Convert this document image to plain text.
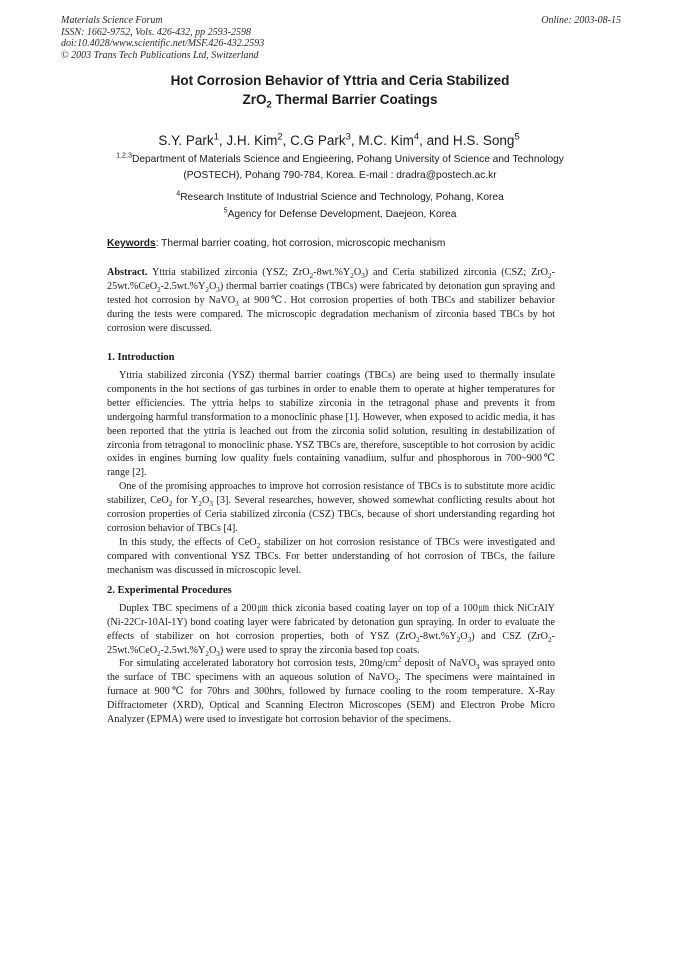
Materials Science Forum
ISSN: 1662-9752, Vols. 426-432, pp 2593-2598
doi:10.4028/www.scientific.net/MSF.426-432.2593
© 2003 Trans Tech Publications Ltd, Switzerland
Online: 2003-08-15
Hot Corrosion Behavior of Yttria and Ceria Stabilized
ZrO$_2$ Thermal Barrier Coatings
S.Y. Park$^1$, J.H. Kim$^2$, C.G Park$^3$, M.C. Kim$^4$, and H.S. Song$^5$
$^{1,2,3}$Department of Materials Science and Engieering, Pohang University of Science and Technology
(POSTECH), Pohang 790-784, Korea. E-mail : dradra@postech.ac.kr
$^4$Research Institute of Industrial Science and Technology, Pohang, Korea
$^5$Agency for Defense Development, Daejeon, Korea
Keywords: Thermal barrier coating, hot corrosion, microscopic mechanism
Abstract. Yttria stabilized zirconia (YSZ; $ZrO_2-8wt.\%Y_2O_3$) and Ceria stabilized zirconia (CSZ; $ZrO_2-25wt.\%CeO_2-2.5wt.\%Y_2O_3$) thermal barrier coatings (TBCs) were fabricated by detonation gun spraying and tested hot corrosion by NaVO$_3$ at 900℃. Hot corrosion properties of both TBCs and stabilizer behavior during the tests were compared. The microscopic degradation mechanism of zirconia based TBCs by hot corrosion were discussed.
1. Introduction
Yttria stabilized zirconia (YSZ) thermal barrier coatings (TBCs) are being used to thermally insulate components in the hot sections of gas turbines in order to enable them to operate at higher temperatures for better efficiencies. The yttria helps to stabilize zirconia in the tetragonal phase and prevents it from undergoing harmful transformation to a monoclinic phase [1]. However, when exposed to acidic media, it has been reported that the yttria is leached out from the zirconia solid solution, resulting in destabilization of zirconia from tetragonal to monoclinic phase. YSZ TBCs are, therefore, susceptible to hot corrosion by acidic oxides in engines burning low quality fuels containing vanadium, sulfur and phosphorous in 700~900℃ range [2].
One of the promising approaches to improve hot corrosion resistance of TBCs is to substitute more acidic stabilizer, CeO$_2$ for $Y_2O_3$ [3]. Several researches, however, showed somewhat conflicting results about hot corrosion properties of Ceria stabilized zirconia (CSZ) TBCs, because of short understanding regarding hot corrosion behavior of TBCs [4].
In this study, the effects of CeO$_2$ stabilizer on hot corrosion resistance of TBCs were investigated and compared with conventional YSZ TBCs. For better understanding of hot corrosion of TBCs, the failure mechanism was discussed in microscopic level.
2. Experimental Procedures
Duplex TBC specimens of a 200㎛ thick ziconia based coating layer on top of a 100㎛ thick NiCrAlY (Ni-22Cr-10Al-1Y) bond coating layer were fabricated by detonation gun spraying. In order to evaluate the effects of stabilizer on hot corrosion properties, both of YSZ $(ZrO_2-8wt.\%Y_2O_3)$ and CSZ $(ZrO_2-25wt.\%CeO_2-2.5wt.\%Y_2O_3)$ were used to spray the zirconia based top coats.
For simulating accelerated laboratory hot corrosion tests, $20mg/cm^2$ deposit of NaVO$_3$ was sprayed onto the surface of TBC specimens with an aqueous solution of NaVO$_3$. The specimens were maintained in furnace at 900℃ for 70hrs and 300hrs, followed by furnace cooling to the room temperature. X-Ray Diffractometer (XRD), Optical and Scanning Electron Microscopes (SEM) and Electron Probe Micro Analyzer (EPMA) were used to investigate hot corrosion behavior of the specimens.
